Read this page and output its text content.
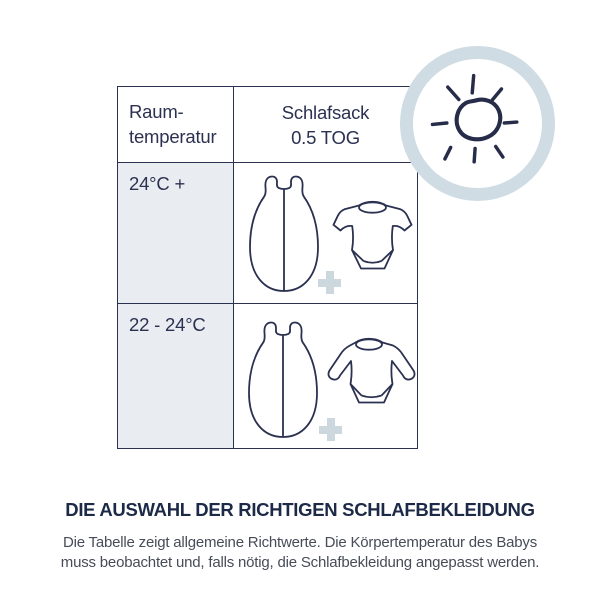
Raum-
temperatur
Schlafsack
0.5 TOG
24°C +
22 - 24°C
DIE AUSWAHL DER RICHTIGEN SCHLAFBEKLEIDUNG
Die Tabelle zeigt allgemeine Richtwerte. Die Körpertemperatur des Babys
muss beobachtet und, falls nötig, die Schlafbekleidung angepasst werden.
